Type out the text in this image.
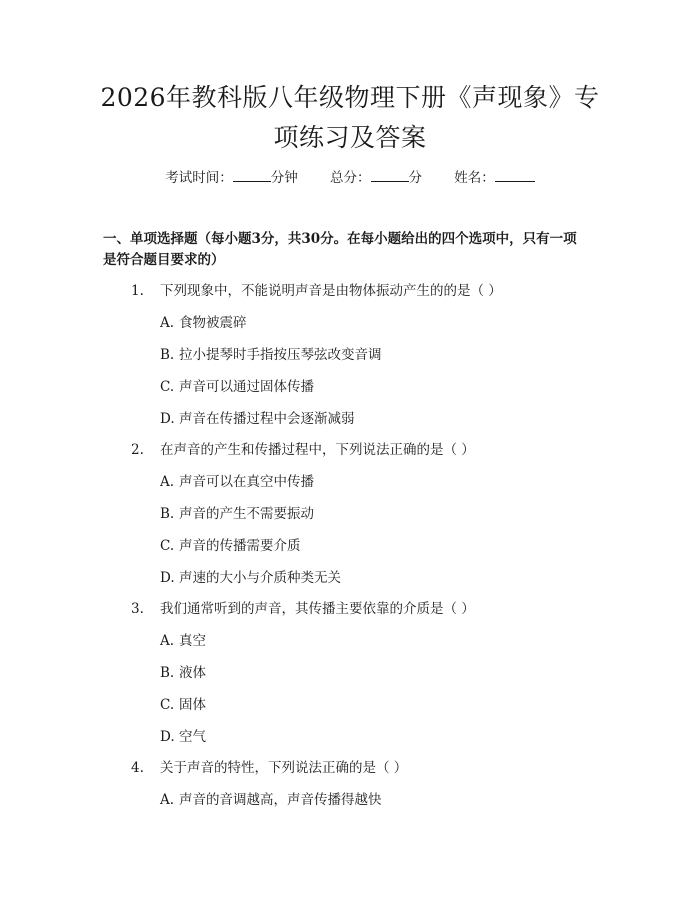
2026年教科版八年级物理下册《声现象》专
项练习及答案
考试时间：	分钟 总分：	分 姓名：
一、单项选择题（每小题3分，共30分。在每小题给出的四个选项中，只有一项
是符合题目要求的）
1. 下列现象中，不能说明声音是由物体振动产生的的是（ ）
A. 食物被震碎
B. 拉小提琴时手指按压琴弦改变音调
C. 声音可以通过固体传播
D. 声音在传播过程中会逐渐减弱
2. 在声音的产生和传播过程中，下列说法正确的是（ ）
A. 声音可以在真空中传播
B. 声音的产生不需要振动
C. 声音的传播需要介质
D. 声速的大小与介质种类无关
3. 我们通常听到的声音，其传播主要依靠的介质是（ ）
A. 真空
B. 液体
C. 固体
D. 空气
4. 关于声音的特性，下列说法正确的是（ ）
A. 声音的音调越高，声音传播得越快
